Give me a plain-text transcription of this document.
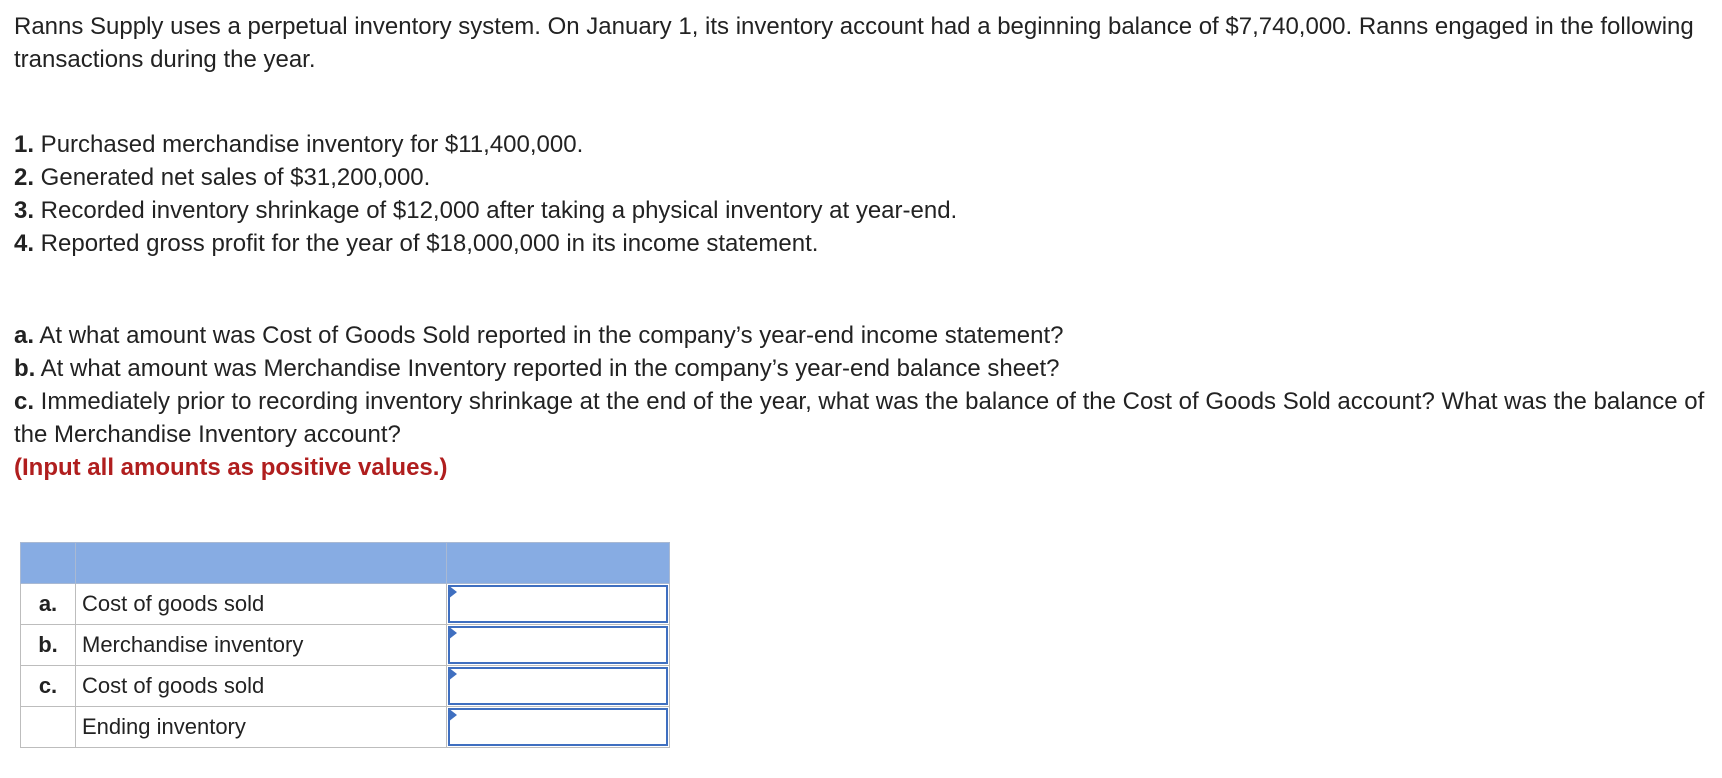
Ranns Supply uses a perpetual inventory system. On January 1, its inventory account had a beginning balance of $7,740,000. Ranns engaged in the following transactions during the year.

1. Purchased merchandise inventory for $11,400,000.
2. Generated net sales of $31,200,000.
3. Recorded inventory shrinkage of $12,000 after taking a physical inventory at year-end.
4. Reported gross profit for the year of $18,000,000 in its income statement.
a. At what amount was Cost of Goods Sold reported in the company’s year-end income statement?
b. At what amount was Merchandise Inventory reported in the company’s year-end balance sheet?
c. Immediately prior to recording inventory shrinkage at the end of the year, what was the balance of the Cost of Goods Sold account? What was the balance of the Merchandise Inventory account?
(Input all amounts as positive values.)

a.	Cost of goods sold	

b.	Merchandise inventory	

c.	Cost of goods sold	

	Ending inventory	
